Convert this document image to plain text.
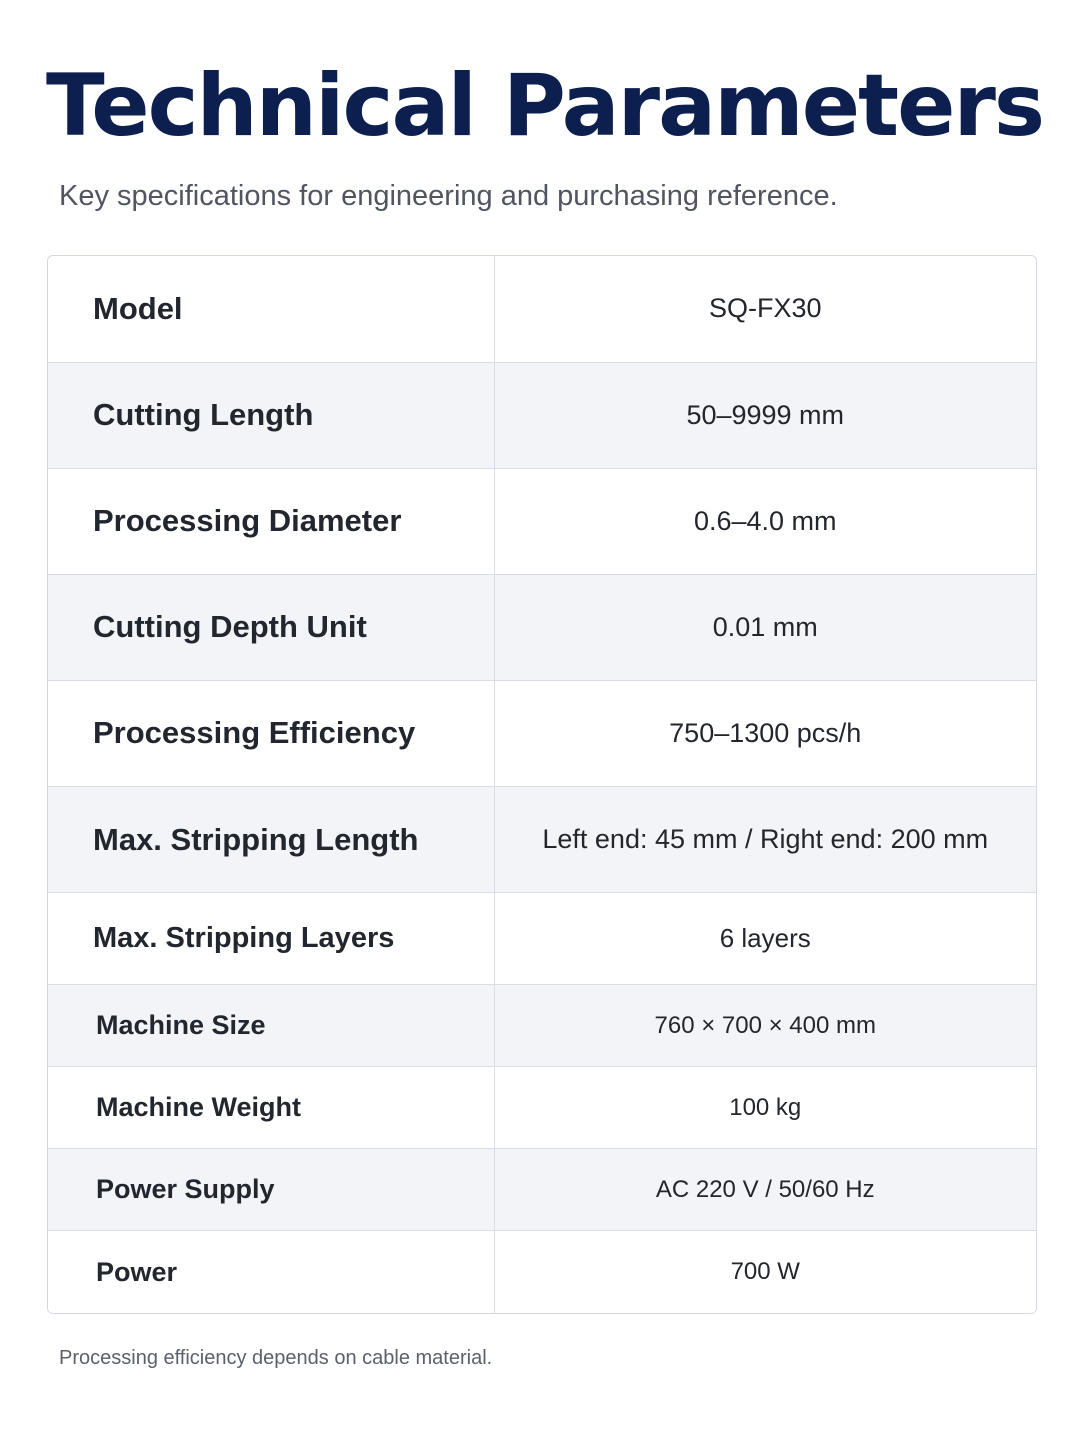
Technical Parameters

Key specifications for engineering and purchasing reference.

Model	SQ-FX30
Cutting Length	50–9999 mm
Processing Diameter	0.6–4.0 mm
Cutting Depth Unit	0.01 mm
Processing Efficiency	750–1300 pcs/h
Max. Stripping Length	Left end: 45 mm / Right end: 200 mm
Max. Stripping Layers	6 layers
Machine Size	760 × 700 × 400 mm
Machine Weight	100 kg
Power Supply	AC 220 V / 50/60 Hz
Power	700 W

Processing efficiency depends on cable material.
